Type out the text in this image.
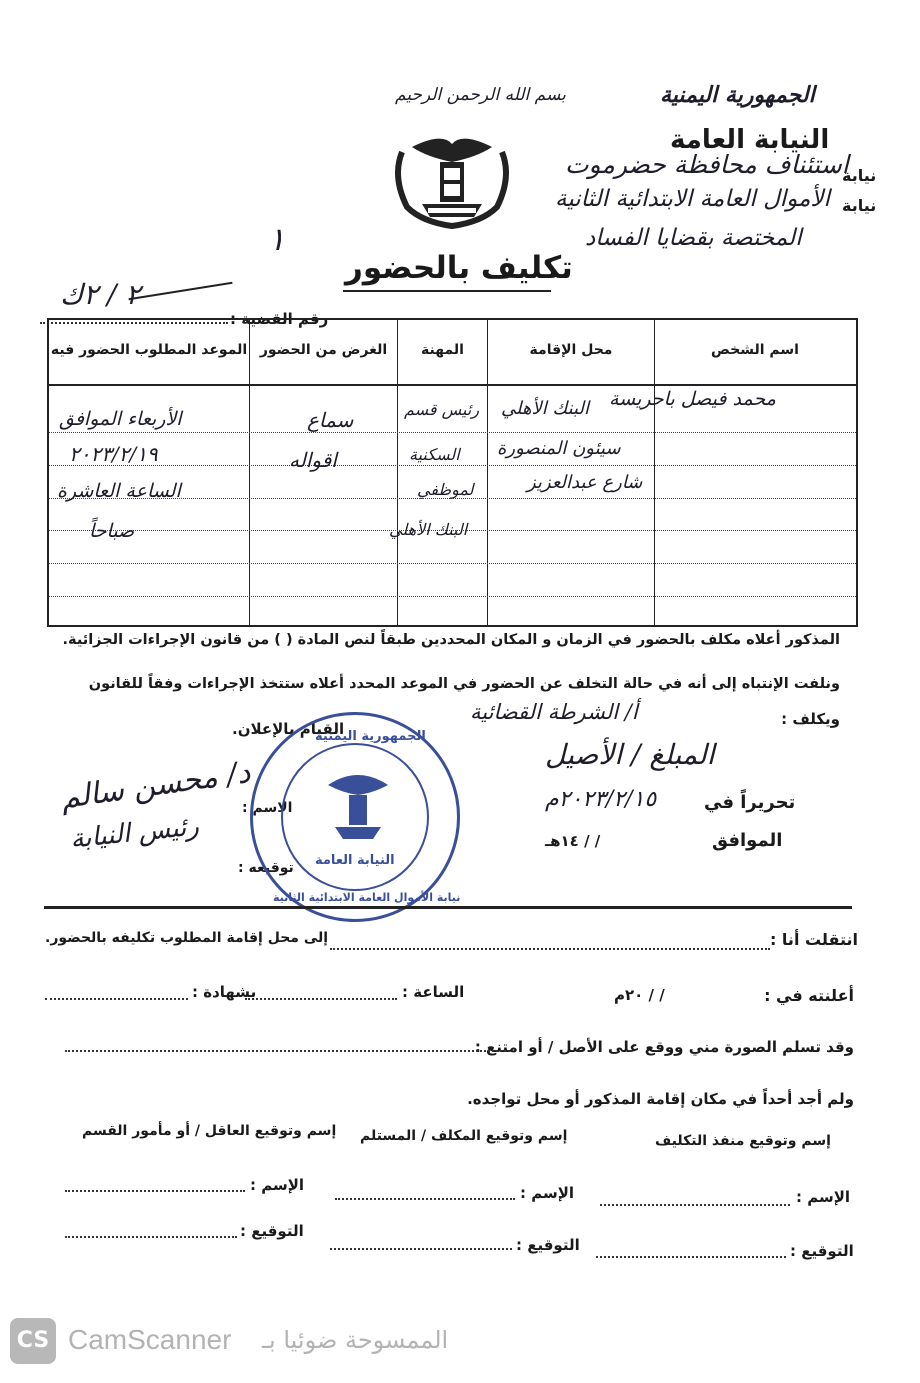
بسم الله الرحمن الرحيم	الجمهورية اليمنية
النيابة العامة
نيابة
استئناف محافظة حضرموت
نيابة
الأموال العامة الابتدائية الثانية
المختصة بقضايا الفساد
تكليف بالحضور
١
رقم القضية :
٢ / ٢ك
اسم الشخص
محل الإقامة
المهنة
الغرض من الحضور
الموعد المطلوب الحضور فيه
محمد فيصل باحريسة
البنك الأهلي
سيئون المنصورة
شارع عبدالعزيز
رئيس قسم
السكنية
لموظفي
البنك الأهلي
سماع
اقواله
الأربعاء الموافق
٢٠٢٣/٢/١٩
الساعة العاشرة
صباحاً
المذكور أعلاه مكلف بالحضور في الزمان و المكان المحددين طبقاً لنص المادة ( ) من قانون الإجراءات الجزائية.
ونلفت الإنتباه إلى أنه في حالة التخلف عن الحضور في الموعد المحدد أعلاه ستتخذ الإجراءات وفقاً للقانون
ويكلف :
أ/ الشرطة القضائية
القيام بالإعلان.
المبلغ / الأصيل
تحريراً في
٢٠٢٣/٢/١٥م
الموافق
/ / ١٤هـ
الاسم :
توقيعه :
د/ محسن سالم
رئيس النيابة
الجمهورية اليمنية
النيابة العامة
نيابة الأموال العامة الابتدائية الثانية
انتقلت أنا :
إلى محل إقامة المطلوب تكليفه بالحضور.
أعلنته في :
/ / ٢٠م
الساعة :
بشهادة :
وقد تسلم الصورة مني ووقع على الأصل / أو امتنع :
ولم أجد أحداً في مكان إقامة المذكور أو محل تواجده.
إسم وتوقيع منفذ التكليف
إسم وتوقيع المكلف / المستلم
إسم وتوقيع العاقل / أو مأمور القسم
الإسم :
الإسم :
الإسم :
التوقيع :
التوقيع :
التوقيع :
CS CamScanner الممسوحة ضوئيا بـ
